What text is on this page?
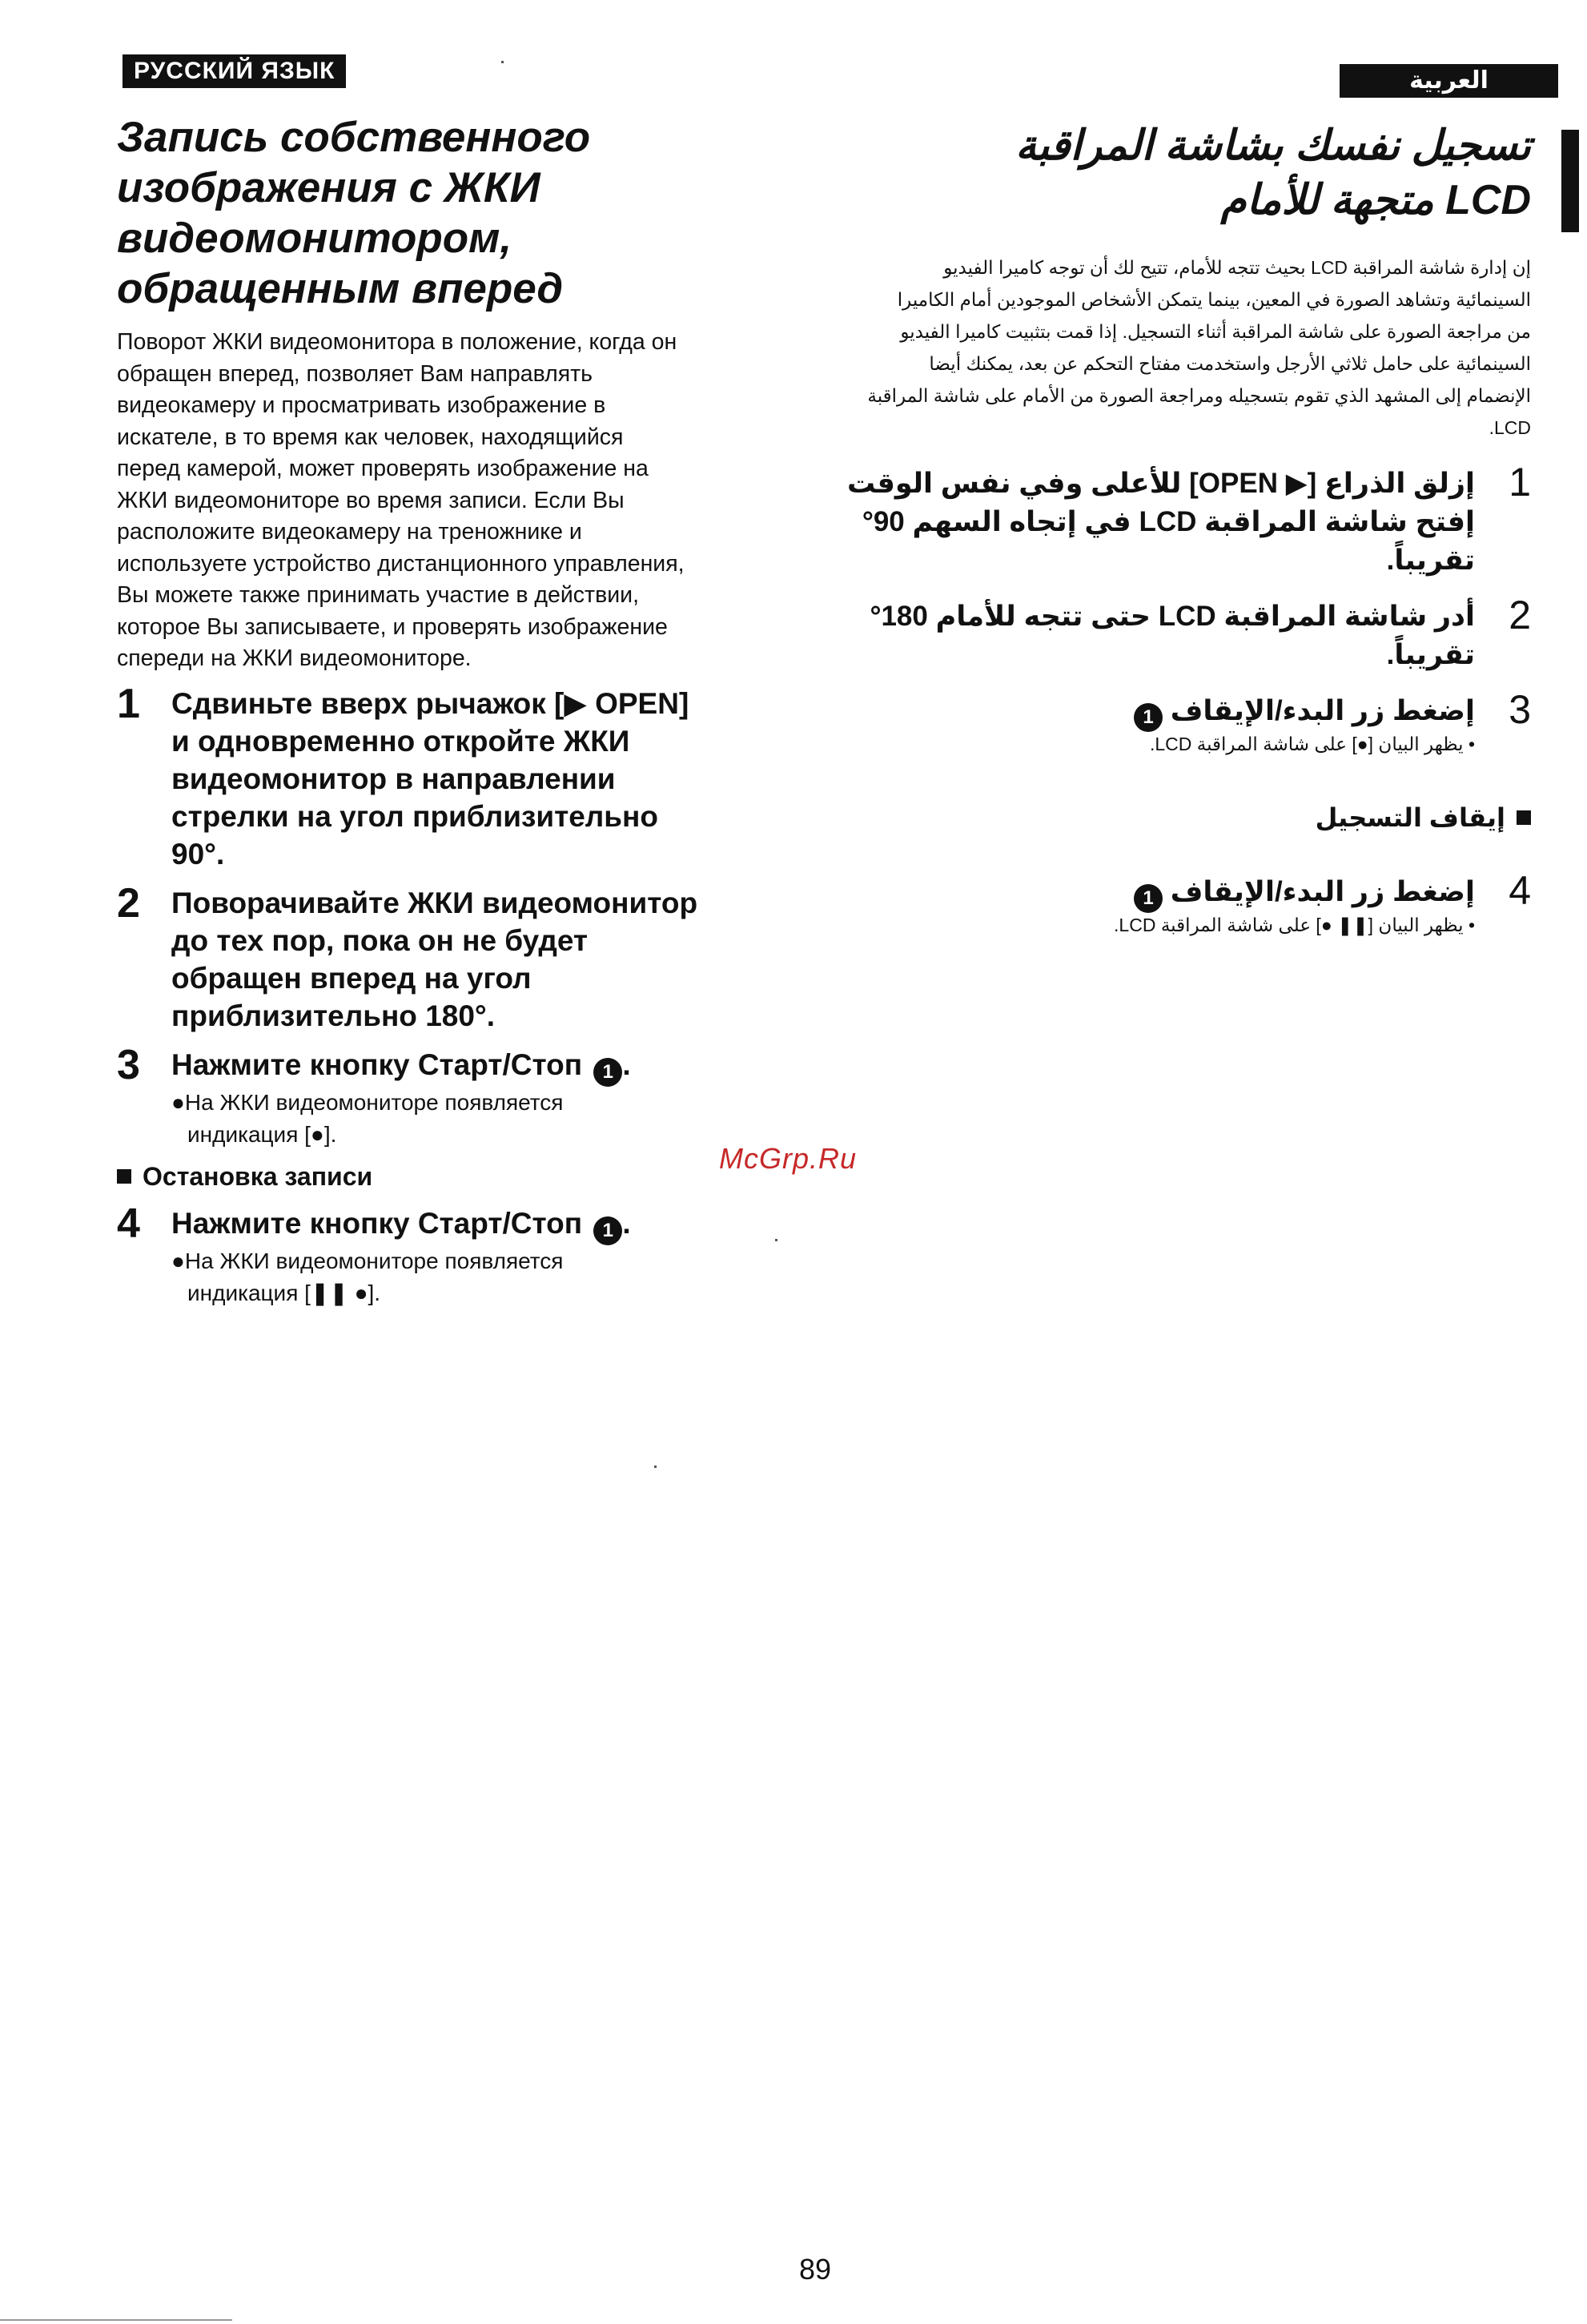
РУССКИЙ ЯЗЫК	العربية
Запись собственного
изображения с ЖКИ
видеомонитором,
обращенным вперед
Поворот ЖКИ видеомонитора в положение, когда он
обращен вперед, позволяет Вам направлять
видеокамеру и просматривать изображение в
искателе, в то время как человек, находящийся
перед камерой, может проверять изображение на
ЖКИ видеомониторе во время записи. Если Вы
расположите видеокамеру на треножнике и
используете устройство дистанционного управления,
Вы можете также принимать участие в действии,
которое Вы записываете, и проверять изображение
спереди на ЖКИ видеомониторе.
1 Сдвиньте вверх рычажок [▶ OPEN]
и одновременно откройте ЖКИ
видеомонитор в направлении
стрелки на угол приблизительно
90°.
2 Поворачивайте ЖКИ видеомонитор
до тех пор, пока он не будет
обращен вперед на угол
приблизительно 180°.
3 Нажмите кнопку Старт/Стоп 1 .
●На ЖКИ видеомониторе появляется
индикация [●].
Остановка записи
4 Нажмите кнопку Старт/Стоп 1 .
●На ЖКИ видеомониторе появляется
индикация [❚❚ ●].
تسجيل نفسك بشاشة المراقبة
LCD متجهة للأمام
إن إدارة شاشة المراقبة LCD بحيث تتجه للأمام، تتيح لك أن توجه كاميرا الفيديو
السينمائية وتشاهد الصورة في المعين، بينما يتمكن الأشخاص الموجودين أمام الكاميرا
من مراجعة الصورة على شاشة المراقبة أثناء التسجيل. إذا قمت بتثبيت كاميرا الفيديو
السينمائية على حامل ثلاثي الأرجل واستخدمت مفتاح التحكم عن بعد، يمكنك أيضا
الإنضمام إلى المشهد الذي تقوم بتسجيله ومراجعة الصورة من الأمام على شاشة المراقبة
LCD.
1
إزلق الذراع [▶ OPEN] للأعلى وفي نفس الوقت
إفتح شاشة المراقبة LCD في إتجاه السهم 90°
تقريباً.
2
أدر شاشة المراقبة LCD حتى تتجه للأمام 180°
تقريباً.
3
إضغط زر البدء/الإيقاف 1
• يظهر البيان [●] على شاشة المراقبة LCD.
إيقاف التسجيل
4
إضغط زر البدء/الإيقاف 1
• يظهر البيان [❚❚ ●] على شاشة المراقبة LCD.
McGrp.Ru
89
